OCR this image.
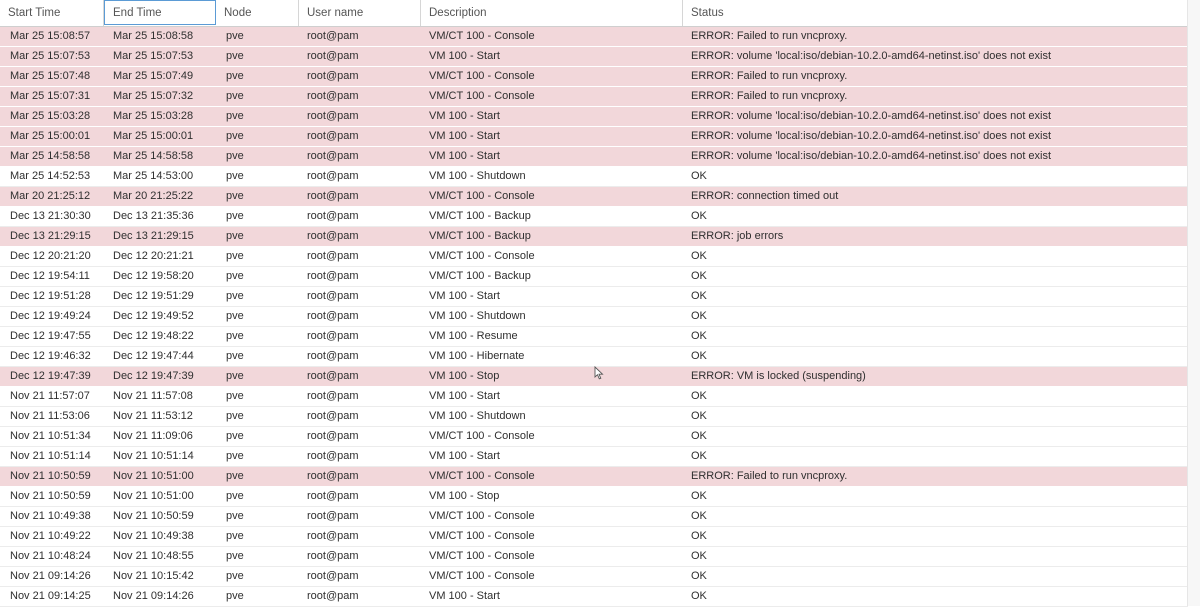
Start Time	End Time	Node	User name	Description	Status
Mar 25 15:08:57	Mar 25 15:08:58	pve	root@pam	VM/CT 100 - Console	ERROR: Failed to run vncproxy.
Mar 25 15:07:53	Mar 25 15:07:53	pve	root@pam	VM 100 - Start	ERROR: volume 'local:iso/debian-10.2.0-amd64-netinst.iso' does not exist
Mar 25 15:07:48	Mar 25 15:07:49	pve	root@pam	VM/CT 100 - Console	ERROR: Failed to run vncproxy.
Mar 25 15:07:31	Mar 25 15:07:32	pve	root@pam	VM/CT 100 - Console	ERROR: Failed to run vncproxy.
Mar 25 15:03:28	Mar 25 15:03:28	pve	root@pam	VM 100 - Start	ERROR: volume 'local:iso/debian-10.2.0-amd64-netinst.iso' does not exist
Mar 25 15:00:01	Mar 25 15:00:01	pve	root@pam	VM 100 - Start	ERROR: volume 'local:iso/debian-10.2.0-amd64-netinst.iso' does not exist
Mar 25 14:58:58	Mar 25 14:58:58	pve	root@pam	VM 100 - Start	ERROR: volume 'local:iso/debian-10.2.0-amd64-netinst.iso' does not exist
Mar 25 14:52:53	Mar 25 14:53:00	pve	root@pam	VM 100 - Shutdown	OK
Mar 20 21:25:12	Mar 20 21:25:22	pve	root@pam	VM/CT 100 - Console	ERROR: connection timed out
Dec 13 21:30:30	Dec 13 21:35:36	pve	root@pam	VM/CT 100 - Backup	OK
Dec 13 21:29:15	Dec 13 21:29:15	pve	root@pam	VM/CT 100 - Backup	ERROR: job errors
Dec 12 20:21:20	Dec 12 20:21:21	pve	root@pam	VM/CT 100 - Console	OK
Dec 12 19:54:11	Dec 12 19:58:20	pve	root@pam	VM/CT 100 - Backup	OK
Dec 12 19:51:28	Dec 12 19:51:29	pve	root@pam	VM 100 - Start	OK
Dec 12 19:49:24	Dec 12 19:49:52	pve	root@pam	VM 100 - Shutdown	OK
Dec 12 19:47:55	Dec 12 19:48:22	pve	root@pam	VM 100 - Resume	OK
Dec 12 19:46:32	Dec 12 19:47:44	pve	root@pam	VM 100 - Hibernate	OK
Dec 12 19:47:39	Dec 12 19:47:39	pve	root@pam	VM 100 - Stop	ERROR: VM is locked (suspending)
Nov 21 11:57:07	Nov 21 11:57:08	pve	root@pam	VM 100 - Start	OK
Nov 21 11:53:06	Nov 21 11:53:12	pve	root@pam	VM 100 - Shutdown	OK
Nov 21 10:51:34	Nov 21 11:09:06	pve	root@pam	VM/CT 100 - Console	OK
Nov 21 10:51:14	Nov 21 10:51:14	pve	root@pam	VM 100 - Start	OK
Nov 21 10:50:59	Nov 21 10:51:00	pve	root@pam	VM/CT 100 - Console	ERROR: Failed to run vncproxy.
Nov 21 10:50:59	Nov 21 10:51:00	pve	root@pam	VM 100 - Stop	OK
Nov 21 10:49:38	Nov 21 10:50:59	pve	root@pam	VM/CT 100 - Console	OK
Nov 21 10:49:22	Nov 21 10:49:38	pve	root@pam	VM/CT 100 - Console	OK
Nov 21 10:48:24	Nov 21 10:48:55	pve	root@pam	VM/CT 100 - Console	OK
Nov 21 09:14:26	Nov 21 10:15:42	pve	root@pam	VM/CT 100 - Console	OK
Nov 21 09:14:25	Nov 21 09:14:26	pve	root@pam	VM 100 - Start	OK
